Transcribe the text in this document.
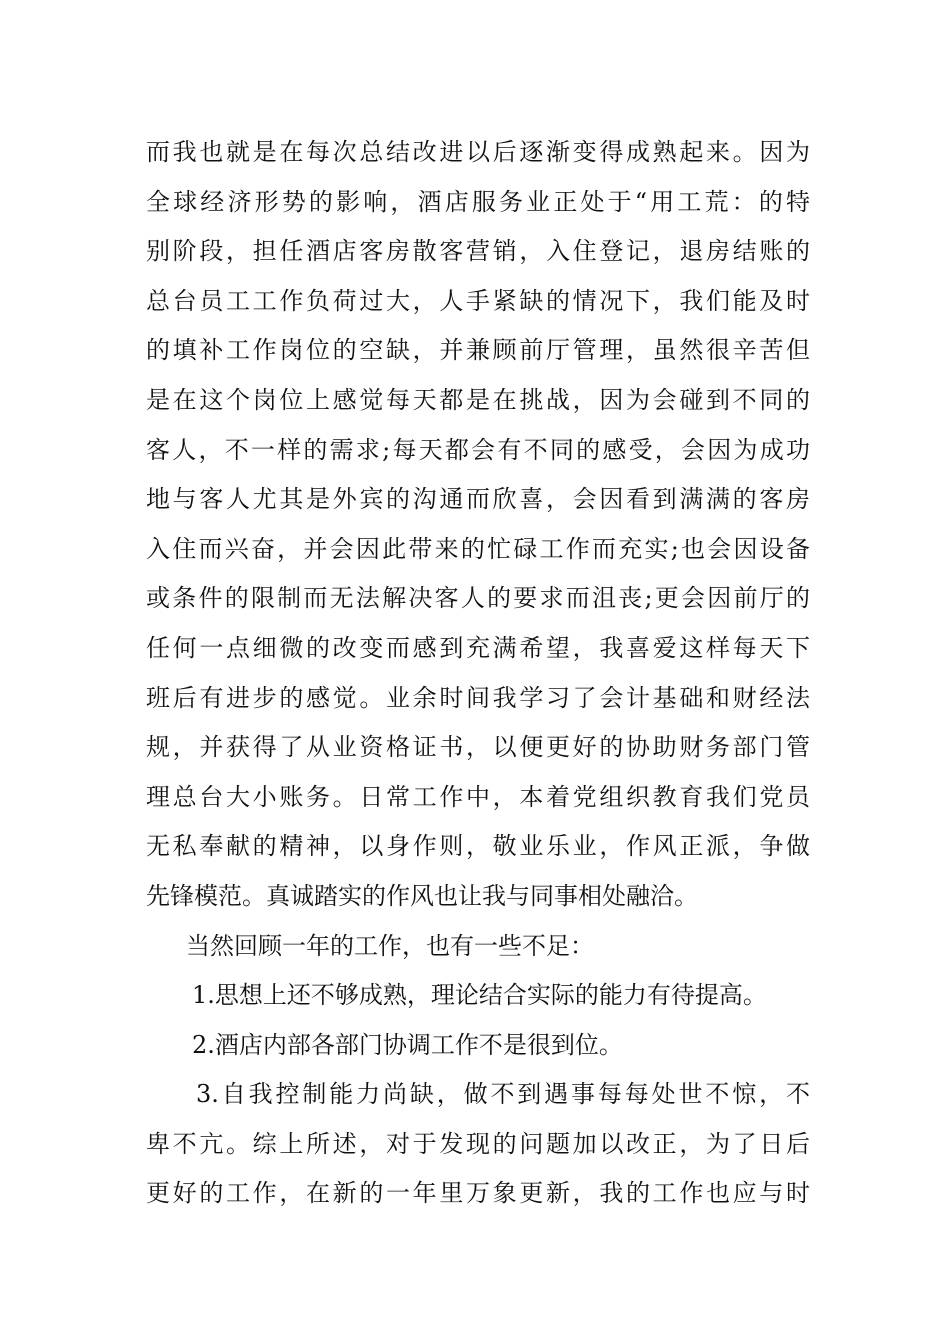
而我也就是在每次总结改进以后逐渐变得成熟起来。因为
全球经济形势的影响，酒店服务业正处于“用工荒：的特
别阶段，担任酒店客房散客营销，入住登记，退房结账的
总台员工工作负荷过大，人手紧缺的情况下，我们能及时
的填补工作岗位的空缺，并兼顾前厅管理，虽然很辛苦但
是在这个岗位上感觉每天都是在挑战，因为会碰到不同的
客人，不一样的需求;每天都会有不同的感受，会因为成功
地与客人尤其是外宾的沟通而欣喜，会因看到满满的客房
入住而兴奋，并会因此带来的忙碌工作而充实;也会因设备
或条件的限制而无法解决客人的要求而沮丧;更会因前厅的
任何一点细微的改变而感到充满希望，我喜爱这样每天下
班后有进步的感觉。业余时间我学习了会计基础和财经法
规，并获得了从业资格证书，以便更好的协助财务部门管
理总台大小账务。日常工作中，本着党组织教育我们党员
无私奉献的精神，以身作则，敬业乐业，作风正派，争做
先锋模范。真诚踏实的作风也让我与同事相处融洽。
当然回顾一年的工作，也有一些不足：
1.思想上还不够成熟，理论结合实际的能力有待提高。
2.酒店内部各部门协调工作不是很到位。
3.自我控制能力尚缺，做不到遇事每每处世不惊，不
卑不亢。综上所述，对于发现的问题加以改正，为了日后
更好的工作，在新的一年里万象更新，我的工作也应与时
